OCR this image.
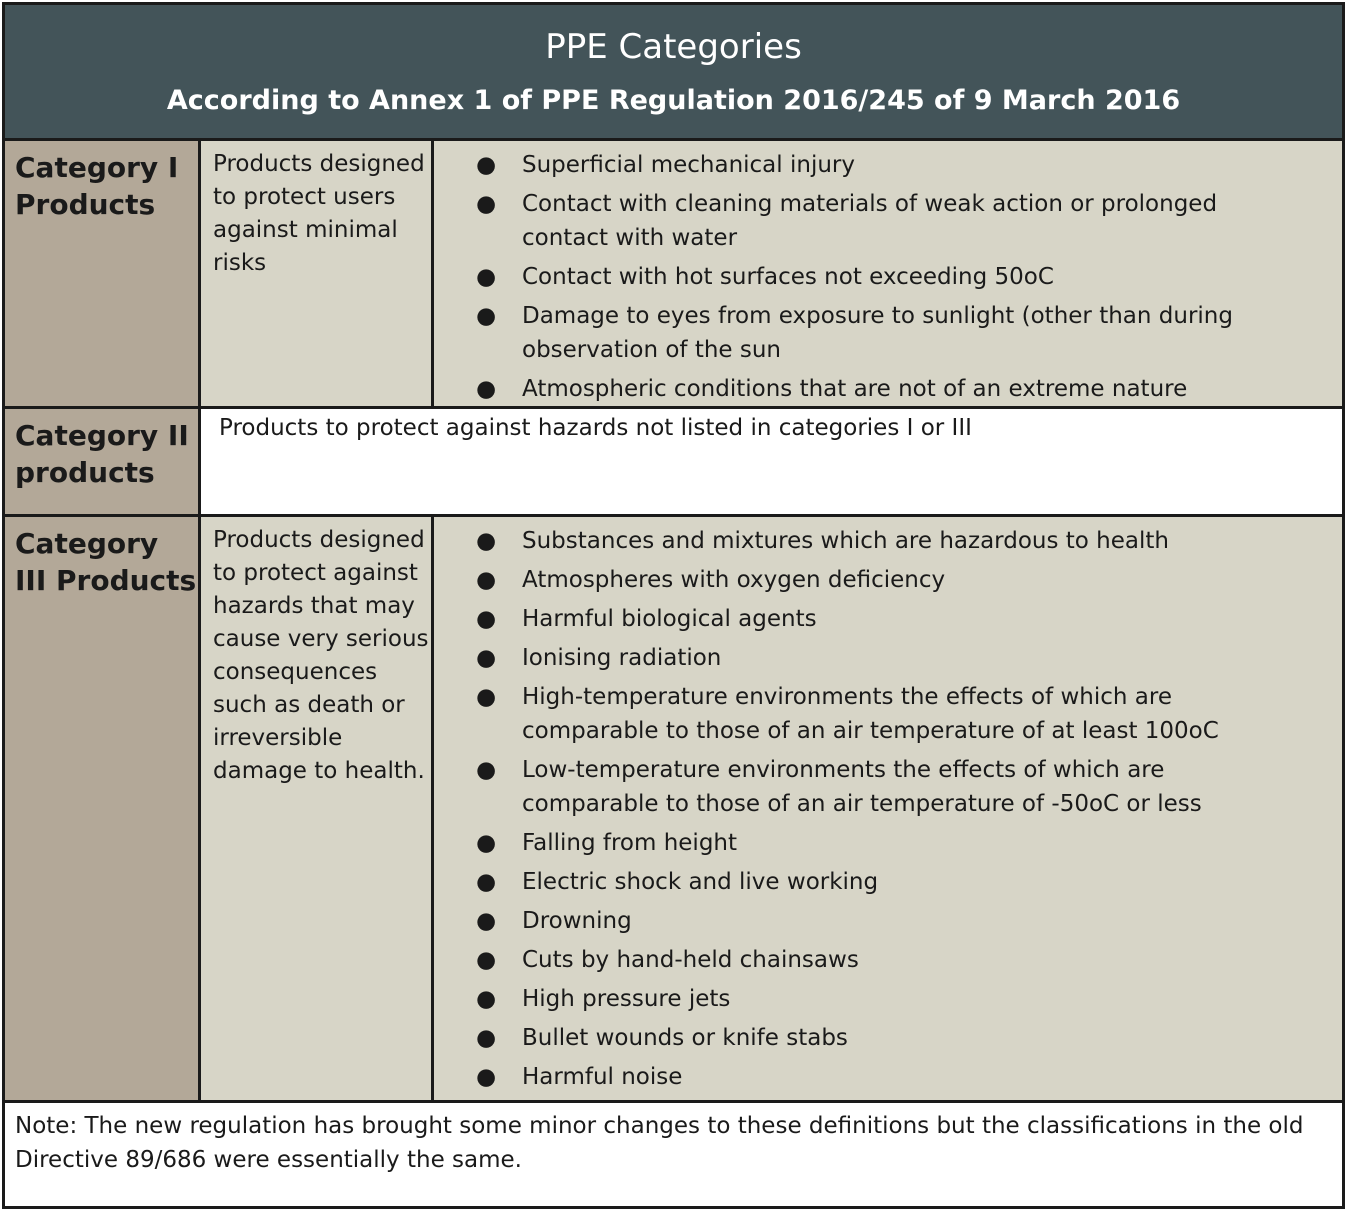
PPE Categories
According to Annex 1 of PPE Regulation 2016/245 of 9 March 2016
Category I Products
Products designed to protect users against minimal risks
● Superficial mechanical injury
● Contact with cleaning materials of weak action or prolonged contact with water
● Contact with hot surfaces not exceeding 50oC
● Damage to eyes from exposure to sunlight (other than during observation of the sun
● Atmospheric conditions that are not of an extreme nature
Category II products
Products to protect against hazards not listed in categories I or III
Category III Products
Products designed to protect against hazards that may cause very serious consequences such as death or irreversible damage to health.
● Substances and mixtures which are hazardous to health
● Atmospheres with oxygen deficiency
● Harmful biological agents
● Ionising radiation
● High-temperature environments the effects of which are comparable to those of an air temperature of at least 100oC
● Low-temperature environments the effects of which are comparable to those of an air temperature of -50oC or less
● Falling from height
● Electric shock and live working
● Drowning
● Cuts by hand-held chainsaws
● High pressure jets
● Bullet wounds or knife stabs
● Harmful noise
Note: The new regulation has brought some minor changes to these definitions but the classifications in the old Directive 89/686 were essentially the same.
